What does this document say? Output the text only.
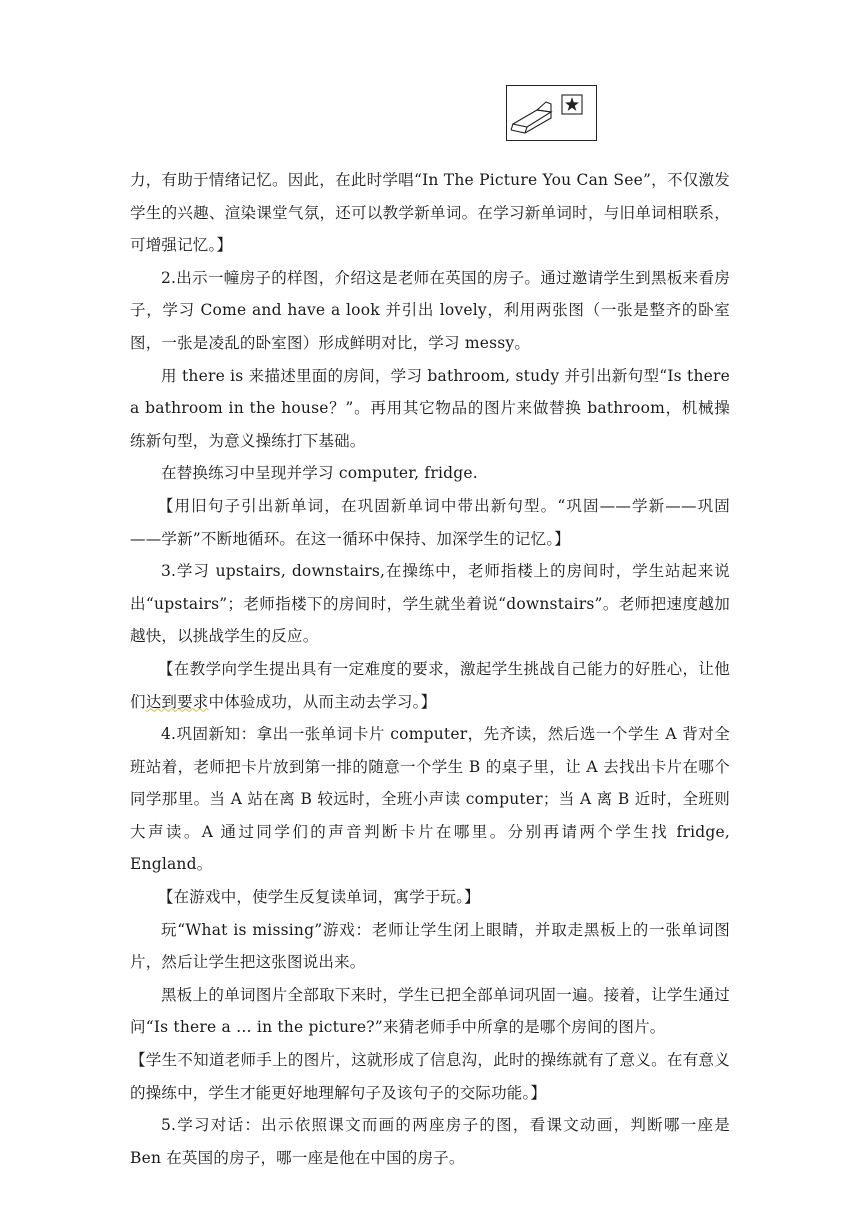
力，有助于情绪记忆。因此，在此时学唱“In The Picture You Can See”，不仅激发学生的兴趣、渲染课堂气氛，还可以教学新单词。在学习新单词时，与旧单词相联系，可增强记忆。】

2.出示一幢房子的样图，介绍这是老师在英国的房子。通过邀请学生到黑板来看房子，学习 Come and have a look 并引出 lovely，利用两张图（一张是整齐的卧室图，一张是凌乱的卧室图）形成鲜明对比，学习 messy。

用 there is 来描述里面的房间，学习 bathroom, study 并引出新句型“Is there a bathroom in the house？”。再用其它物品的图片来做替换 bathroom，机械操练新句型，为意义操练打下基础。

在替换练习中呈现并学习 computer, fridge.

【用旧句子引出新单词，在巩固新单词中带出新句型。“巩固——学新——巩固——学新”不断地循环。在这一循环中保持、加深学生的记忆。】

3.学习 upstairs, downstairs,在操练中，老师指楼上的房间时，学生站起来说出“upstairs”；老师指楼下的房间时，学生就坐着说“downstairs”。老师把速度越加越快，以挑战学生的反应。

【在教学向学生提出具有一定难度的要求，激起学生挑战自己能力的好胜心，让他们达到要求中体验成功，从而主动去学习。】

4.巩固新知：拿出一张单词卡片 computer，先齐读，然后选一个学生 A 背对全班站着，老师把卡片放到第一排的随意一个学生 B 的桌子里，让 A 去找出卡片在哪个同学那里。当 A 站在离 B 较远时，全班小声读 computer；当 A 离 B 近时，全班则大声读。A 通过同学们的声音判断卡片在哪里。分别再请两个学生找 fridge, England。

【在游戏中，使学生反复读单词，寓学于玩。】

玩“What is missing”游戏：老师让学生闭上眼睛，并取走黑板上的一张单词图片，然后让学生把这张图说出来。

黑板上的单词图片全部取下来时，学生已把全部单词巩固一遍。接着，让学生通过问“Is there a … in the picture?”来猜老师手中所拿的是哪个房间的图片。

【学生不知道老师手上的图片，这就形成了信息沟，此时的操练就有了意义。在有意义的操练中，学生才能更好地理解句子及该句子的交际功能。】

5.学习对话：出示依照课文而画的两座房子的图，看课文动画，判断哪一座是 Ben 在英国的房子，哪一座是他在中国的房子。
